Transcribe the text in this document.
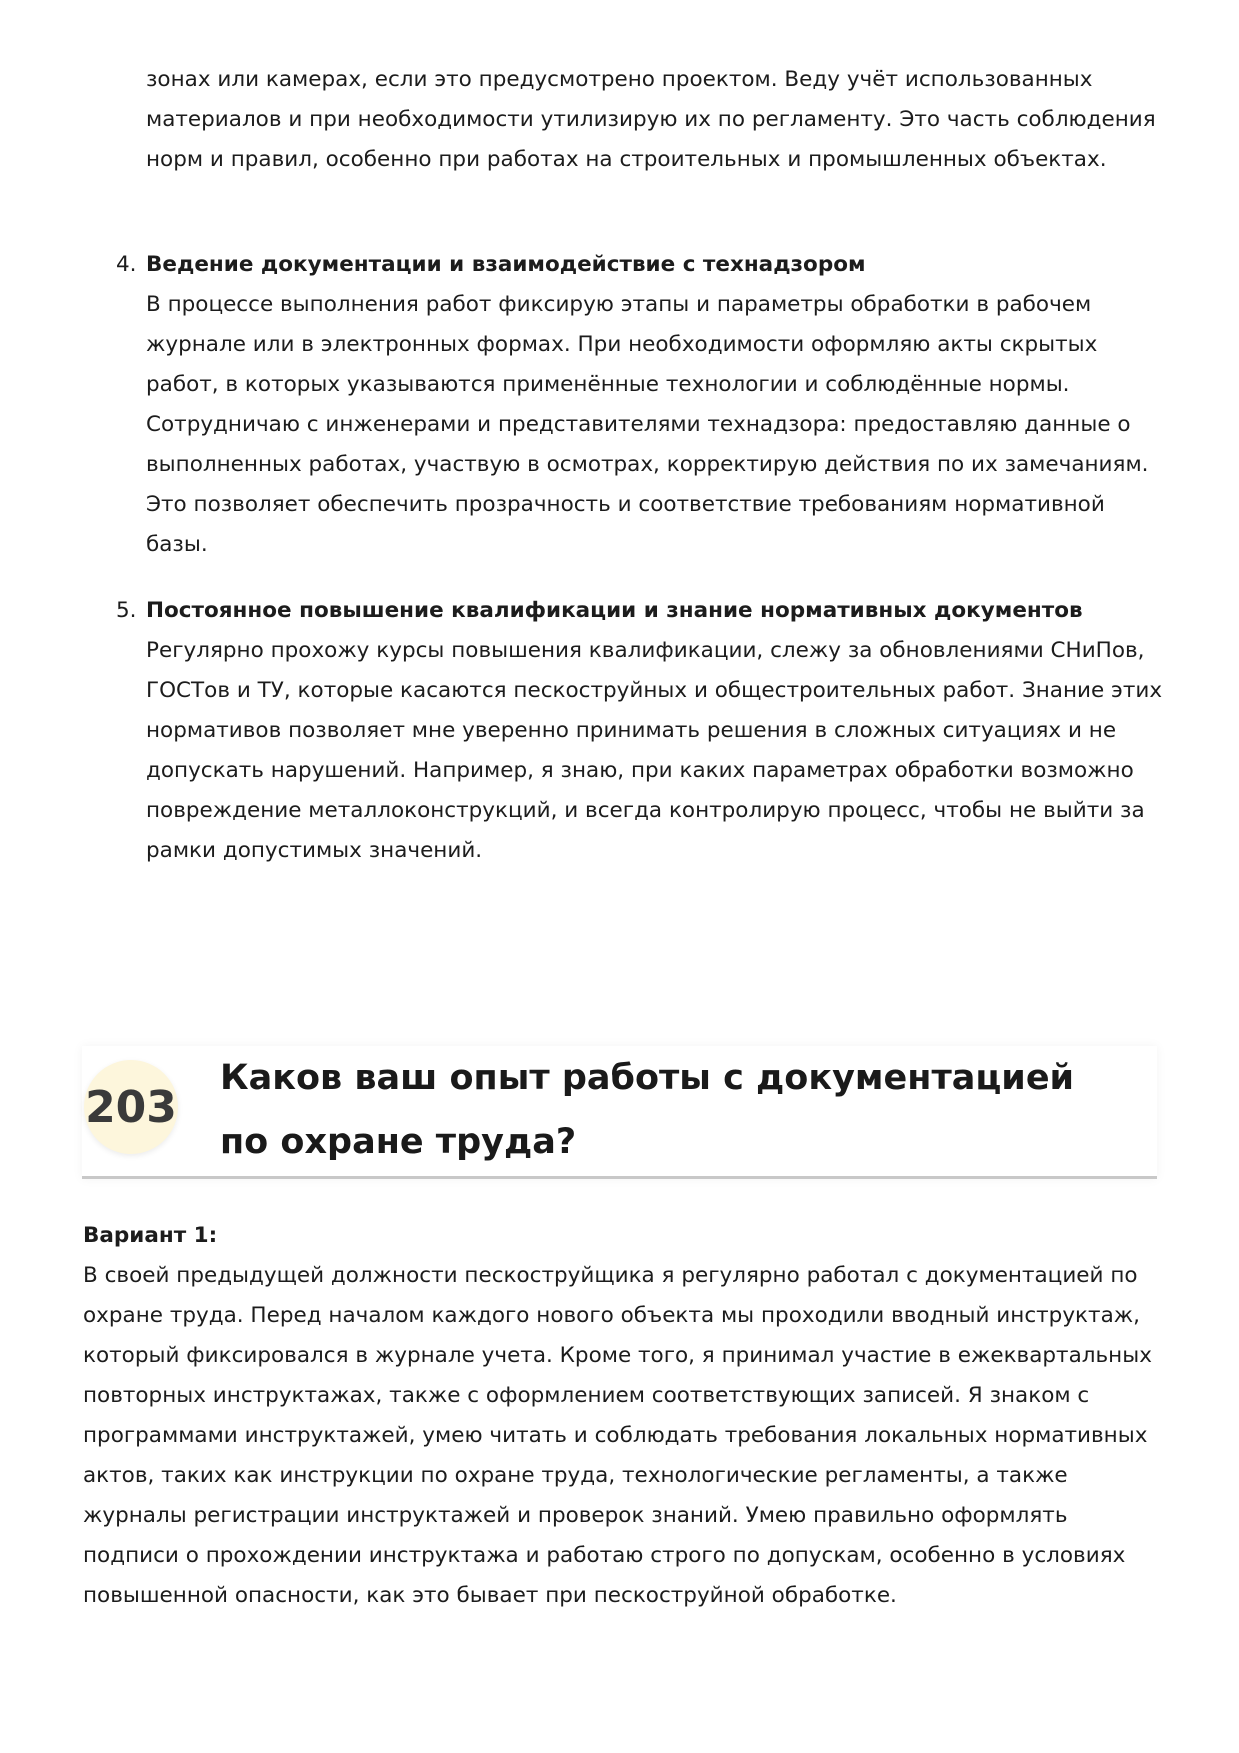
зонах или камерах, если это предусмотрено проектом. Веду учёт использованных материалов и при необходимости утилизирую их по регламенту. Это часть соблюдения норм и правил, особенно при работах на строительных и промышленных объектах.
4. Ведение документации и взаимодействие с технадзором
В процессе выполнения работ фиксирую этапы и параметры обработки в рабочем журнале или в электронных формах. При необходимости оформляю акты скрытых работ, в которых указываются применённые технологии и соблюдённые нормы. Сотрудничаю с инженерами и представителями технадзора: предоставляю данные о выполненных работах, участвую в осмотрах, корректирую действия по их замечаниям. Это позволяет обеспечить прозрачность и соответствие требованиям нормативной базы.
5. Постоянное повышение квалификации и знание нормативных документов
Регулярно прохожу курсы повышения квалификации, слежу за обновлениями СНиПов, ГОСТов и ТУ, которые касаются пескоструйных и общестроительных работ. Знание этих нормативов позволяет мне уверенно принимать решения в сложных ситуациях и не допускать нарушений. Например, я знаю, при каких параметрах обработки возможно повреждение металлоконструкций, и всегда контролирую процесс, чтобы не выйти за рамки допустимых значений.
203
Каков ваш опыт работы с документацией по охране труда?
Вариант 1:
В своей предыдущей должности пескоструйщика я регулярно работал с документацией по охране труда. Перед началом каждого нового объекта мы проходили вводный инструктаж, который фиксировался в журнале учета. Кроме того, я принимал участие в ежеквартальных повторных инструктажах, также с оформлением соответствующих записей. Я знаком с программами инструктажей, умею читать и соблюдать требования локальных нормативных актов, таких как инструкции по охране труда, технологические регламенты, а также журналы регистрации инструктажей и проверок знаний. Умею правильно оформлять подписи о прохождении инструктажа и работаю строго по допускам, особенно в условиях повышенной опасности, как это бывает при пескоструйной обработке.
